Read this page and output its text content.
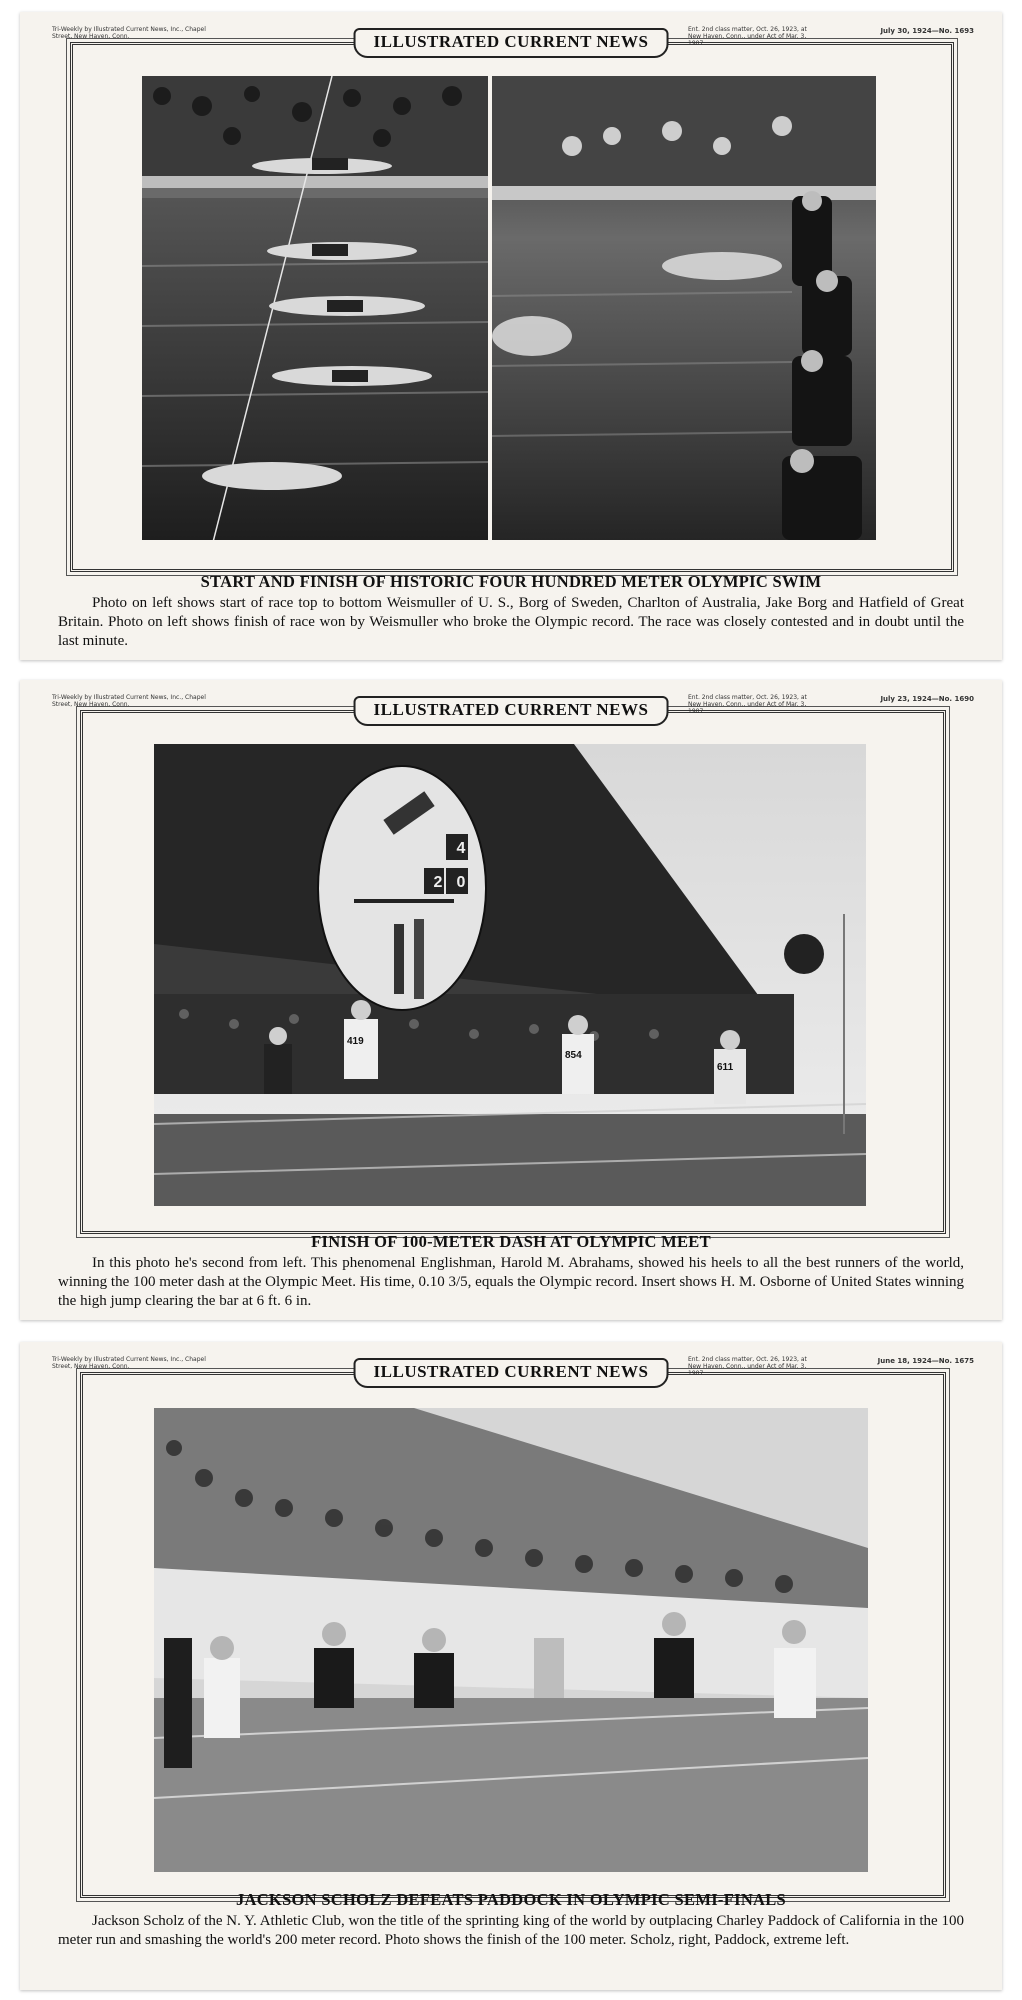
Tri-Weekly by Illustrated Current News, Inc., Chapel Street, New Haven, Conn.
Ent. 2nd class matter, Oct. 26, 1923, at New Haven, Conn., under Act of Mar. 3, 1907.
July 30, 1924—No. 1693
ILLUSTRATED CURRENT NEWS
START AND FINISH OF HISTORIC FOUR HUNDRED METER OLYMPIC SWIM
Photo on left shows start of race top to bottom Weismuller of U. S., Borg of Sweden, Charlton of Australia, Jake Borg and Hatfield of Great Britain. Photo on left shows finish of race won by Weismuller who broke the Olympic record. The race was closely contested and in doubt until the last minute.
Tri-Weekly by Illustrated Current News, Inc., Chapel Street, New Haven, Conn.
Ent. 2nd class matter, Oct. 26, 1923, at New Haven, Conn., under Act of Mar. 3, 1907.
July 23, 1924—No. 1690
ILLUSTRATED CURRENT NEWS
4
2 0
419
854
611
FINISH OF 100-METER DASH AT OLYMPIC MEET
In this photo he's second from left. This phenomenal Englishman, Harold M. Abrahams, showed his heels to all the best runners of the world, winning the 100 meter dash at the Olympic Meet. His time, 0.10 3/5, equals the Olympic record. Insert shows H. M. Osborne of United States winning the high jump clearing the bar at 6 ft. 6 in.
Tri-Weekly by Illustrated Current News, Inc., Chapel Street, New Haven, Conn.
Ent. 2nd class matter, Oct. 26, 1923, at New Haven, Conn., under Act of Mar. 3, 1907.
June 18, 1924—No. 1675
ILLUSTRATED CURRENT NEWS
JACKSON SCHOLZ DEFEATS PADDOCK IN OLYMPIC SEMI-FINALS
Jackson Scholz of the N. Y. Athletic Club, won the title of the sprinting king of the world by outplacing Charley Paddock of California in the 100 meter run and smashing the world's 200 meter record. Photo shows the finish of the 100 meter. Scholz, right, Paddock, extreme left.
